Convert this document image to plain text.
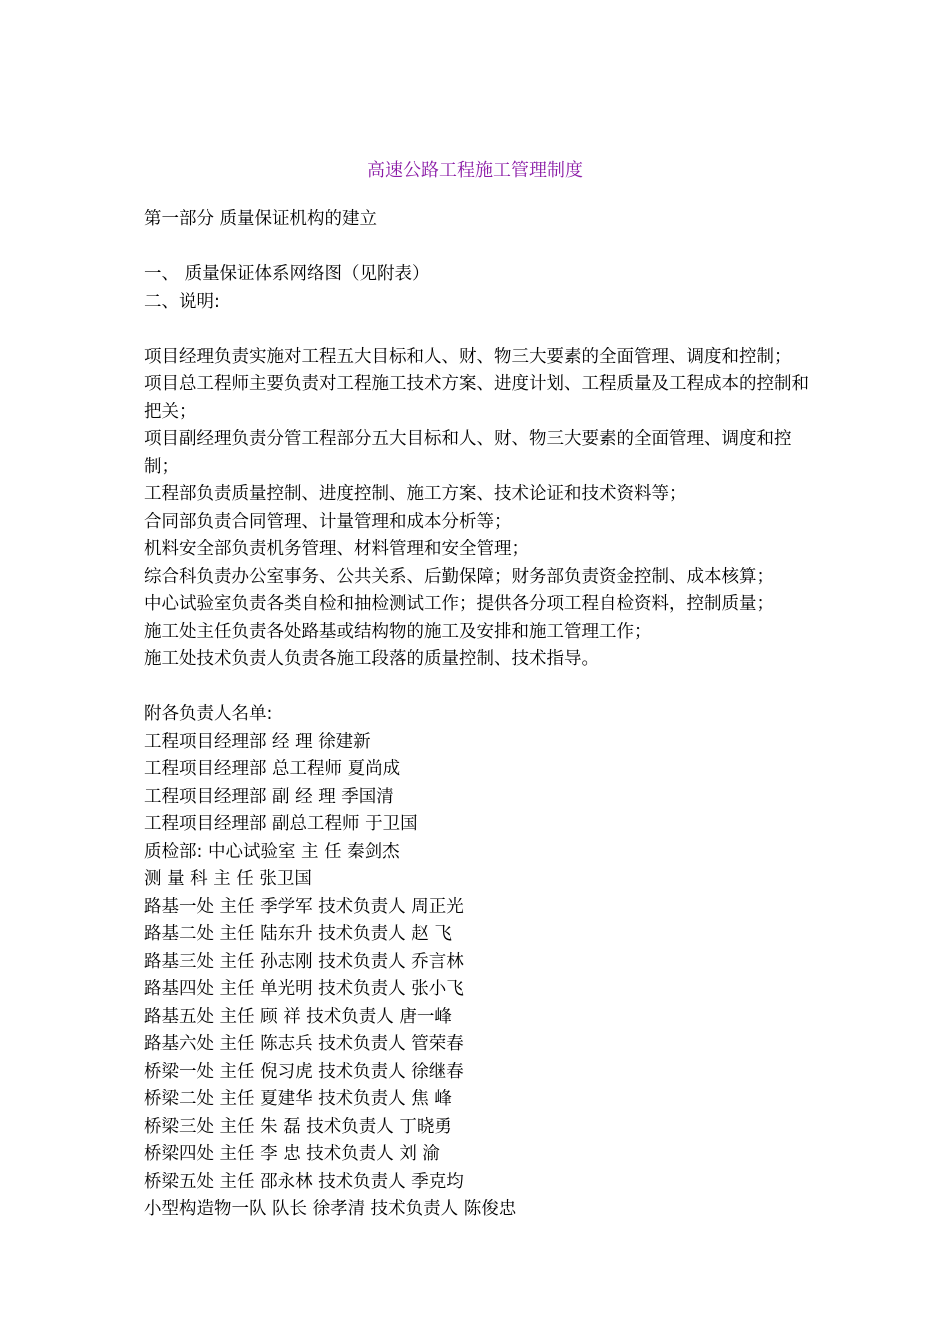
高速公路工程施工管理制度
第一部分 质量保证机构的建立
一、 质量保证体系网络图（见附表）
二、说明:
项目经理负责实施对工程五大目标和人、财、物三大要素的全面管理、调度和控制；
项目总工程师主要负责对工程施工技术方案、进度计划、工程质量及工程成本的控制和把关；
项目副经理负责分管工程部分五大目标和人、财、物三大要素的全面管理、调度和控制；
工程部负责质量控制、进度控制、施工方案、技术论证和技术资料等；
合同部负责合同管理、计量管理和成本分析等；
机料安全部负责机务管理、材料管理和安全管理；
综合科负责办公室事务、公共关系、后勤保障；财务部负责资金控制、成本核算；
中心试验室负责各类自检和抽检测试工作；提供各分项工程自检资料，控制质量；
施工处主任负责各处路基或结构物的施工及安排和施工管理工作；
施工处技术负责人负责各施工段落的质量控制、技术指导。
附各负责人名单:
工程项目经理部 经 理 徐建新
工程项目经理部 总工程师 夏尚成
工程项目经理部 副 经 理 季国清
工程项目经理部 副总工程师 于卫国
质检部: 中心试验室 主 任 秦剑杰
测 量 科 主 任 张卫国
路基一处 主任 季学军 技术负责人 周正光
路基二处 主任 陆东升 技术负责人 赵 飞
路基三处 主任 孙志刚 技术负责人 乔言林
路基四处 主任 单光明 技术负责人 张小飞
路基五处 主任 顾 祥 技术负责人 唐一峰
路基六处 主任 陈志兵 技术负责人 管荣春
桥梁一处 主任 倪习虎 技术负责人 徐继春
桥梁二处 主任 夏建华 技术负责人 焦 峰
桥梁三处 主任 朱 磊 技术负责人 丁晓勇
桥梁四处 主任 李 忠 技术负责人 刘 渝
桥梁五处 主任 邵永林 技术负责人 季克均
小型构造物一队 队长 徐孝清 技术负责人 陈俊忠
